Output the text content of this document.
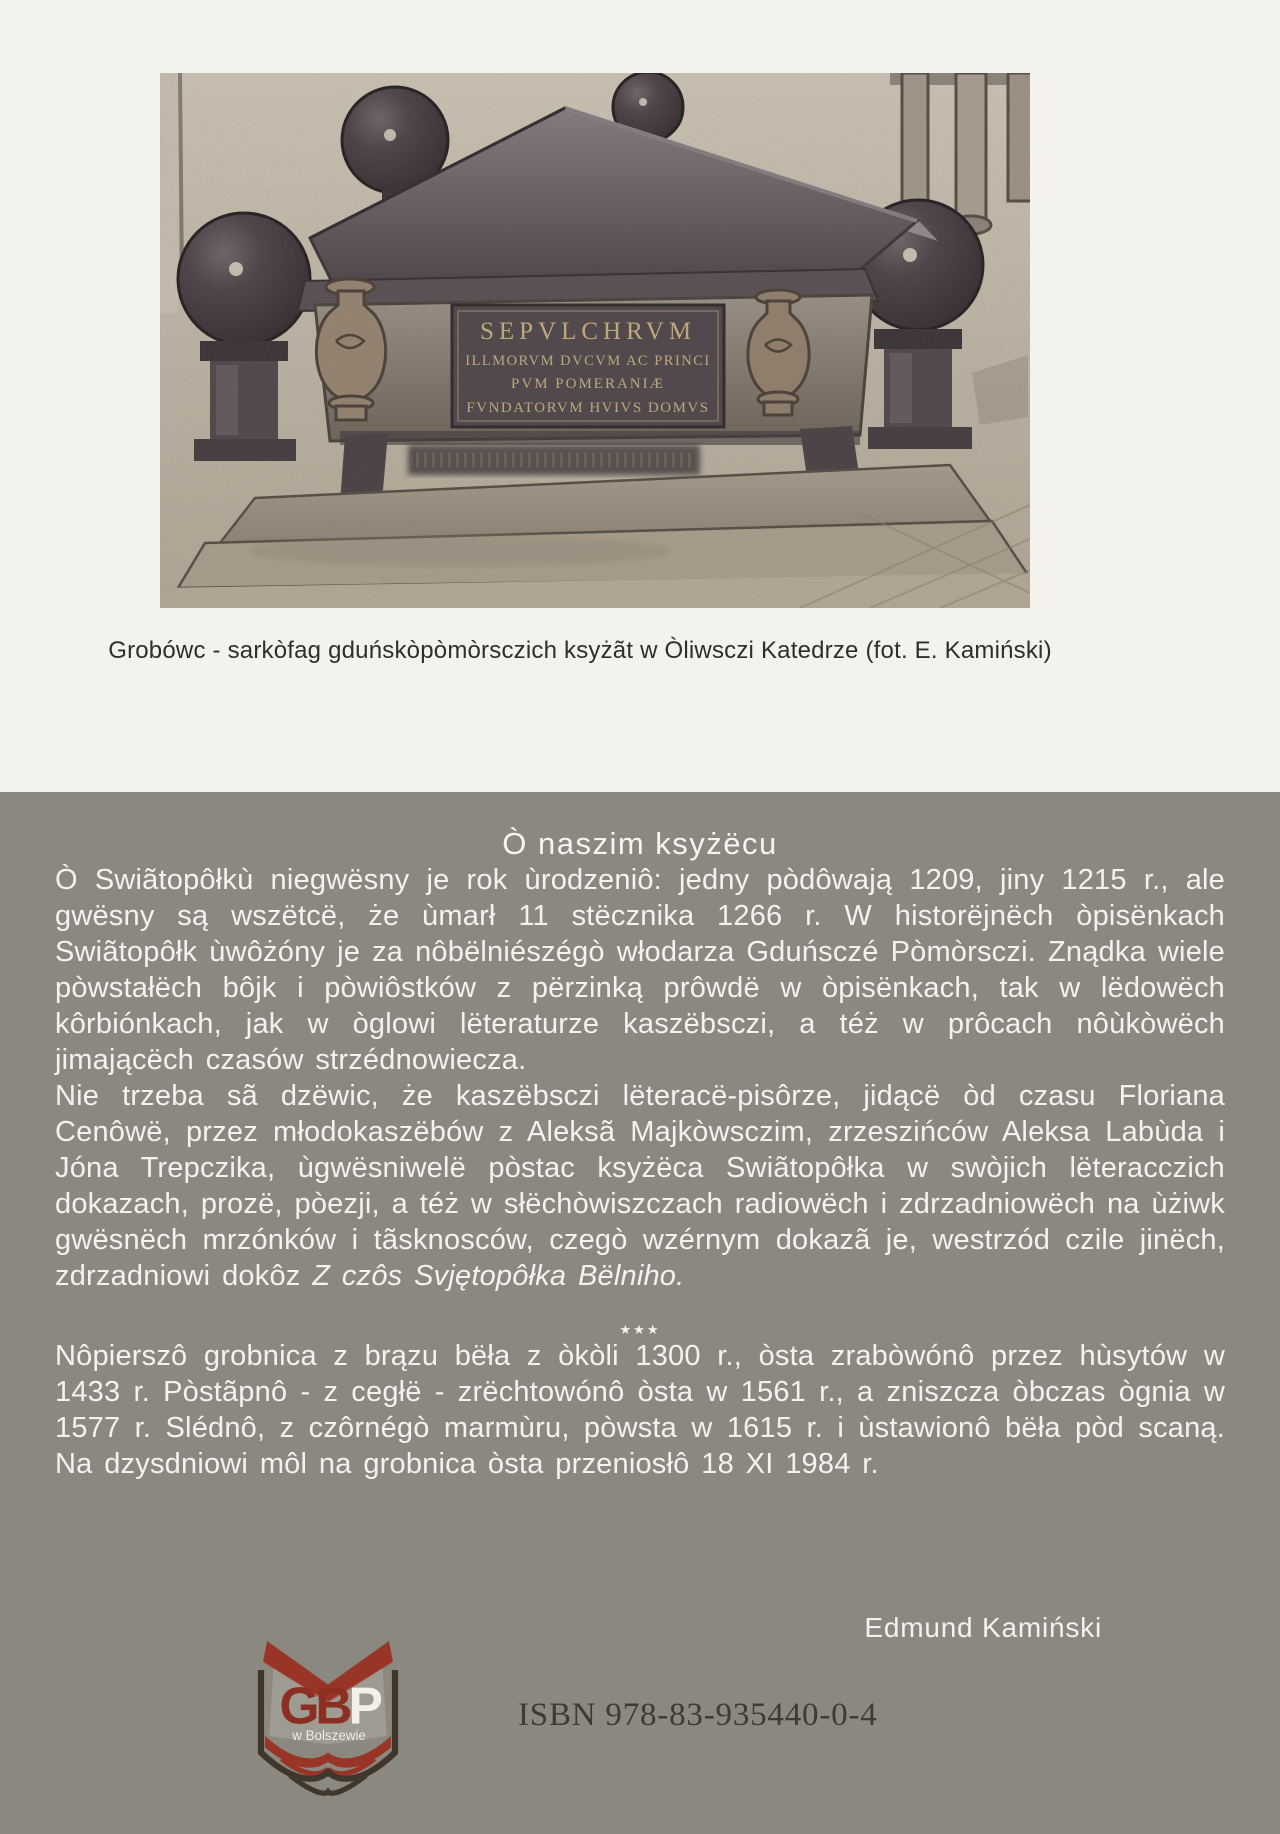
SEPVLCHRVM
ILLMORVM DVCVM AC PRINCI
PVM POMERANIÆ
FVNDATORVM HVIVS DOMVS
Grobówc - sarkòfag gduńskòpòmòrsczich ksyżãt w Òliwsczi Katedrze (fot. E. Kamiński)
Ò naszim ksyżëcu

Ò Swiãtopôłkù niegwësny je rok ùrodzeniô: jedny pòdôwają 1209, jiny 1215 r., ale gwësny są wszëtcë, że ùmarł 11 stëcznika 1266 r. W historëjnëch òpisënkach Swiãtopôłk ùwôżóny je za nôbëlniészégò włodarza Gduńsczé Pòmòrsczi. Znądka wiele pòwstałëch bôjk i pòwiôstków z përzinką prôwdë w òpisënkach, tak w lëdowëch kôrbiónkach, jak w òglowi lëteraturze kaszëbsczi, a téż w prôcach nôùkòwëch jimającëch czasów strzédnowiecza.

Nie trzeba sã dzëwic, że kaszëbsczi lëteracë-pisôrze, jidącë òd czasu Floriana Cenôwë, przez młodokaszëbów z Aleksã Majkòwsczim, zrzeszińców Aleksa Labùda i Jóna Trepczika, ùgwësniwelë pòstac ksyżëca Swiãtopôłka w swòjich lëteracczich dokazach, prozë, pòezji, a téż w słëchòwiszczach radiowëch i zdrzadniowëch na ùżiwk gwësnëch mrzónków i tãsknosców, czegò wzérnym dokazã je, westrzód czile jinëch, zdrzadniowi dokôz Z czôs Svjętopôłka Bëlniho.

★★★

Nôpierszô grobnica z brązu bëła z òkòli 1300 r., òsta zrabòwónô przez hùsytów w 1433 r. Pòstãpnô - z cegłë - zrëchtowónô òsta w 1561 r., a zniszcza òbczas ògnia w 1577 r. Slédnô, z czôrnégò marmùru, pòwsta w 1615 r. i ùstawionô bëła pòd scaną. Na dzysdniowi môl na grobnica òsta przeniosłô 18 XI 1984 r.

Edmund Kamiński
GBP
w Bolszewie
ISBN 978-83-935440-0-4
